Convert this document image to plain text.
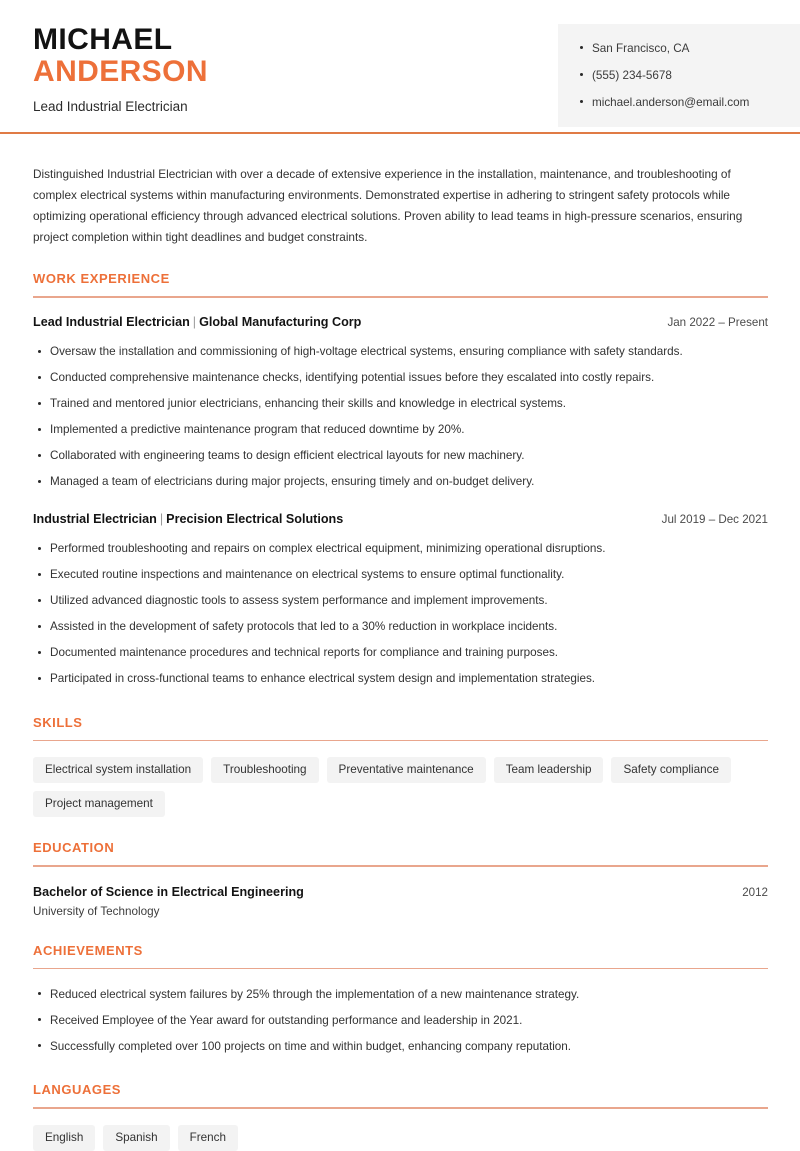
MICHAEL
ANDERSON
Lead Industrial Electrician
San Francisco, CA
(555) 234-5678
michael.anderson@email.com

Distinguished Industrial Electrician with over a decade of extensive experience in the installation, maintenance, and troubleshooting of complex electrical systems within manufacturing environments. Demonstrated expertise in adhering to stringent safety protocols while optimizing operational efficiency through advanced electrical solutions. Proven ability to lead teams in high-pressure scenarios, ensuring project completion within tight deadlines and budget constraints.

WORK EXPERIENCE
Lead Industrial Electrician | Global Manufacturing Corp	Jan 2022 – Present
Oversaw the installation and commissioning of high-voltage electrical systems, ensuring compliance with safety standards.
Conducted comprehensive maintenance checks, identifying potential issues before they escalated into costly repairs.
Trained and mentored junior electricians, enhancing their skills and knowledge in electrical systems.
Implemented a predictive maintenance program that reduced downtime by 20%.
Collaborated with engineering teams to design efficient electrical layouts for new machinery.
Managed a team of electricians during major projects, ensuring timely and on-budget delivery.
Industrial Electrician | Precision Electrical Solutions	Jul 2019 – Dec 2021
Performed troubleshooting and repairs on complex electrical equipment, minimizing operational disruptions.
Executed routine inspections and maintenance on electrical systems to ensure optimal functionality.
Utilized advanced diagnostic tools to assess system performance and implement improvements.
Assisted in the development of safety protocols that led to a 30% reduction in workplace incidents.
Documented maintenance procedures and technical reports for compliance and training purposes.
Participated in cross-functional teams to enhance electrical system design and implementation strategies.
SKILLS
Electrical system installation	Troubleshooting	Preventative maintenance	Team leadership	Safety compliance
Project management
EDUCATION
Bachelor of Science in Electrical Engineering	2012
University of Technology
ACHIEVEMENTS
Reduced electrical system failures by 25% through the implementation of a new maintenance strategy.
Received Employee of the Year award for outstanding performance and leadership in 2021.
Successfully completed over 100 projects on time and within budget, enhancing company reputation.
LANGUAGES
English	Spanish	French
